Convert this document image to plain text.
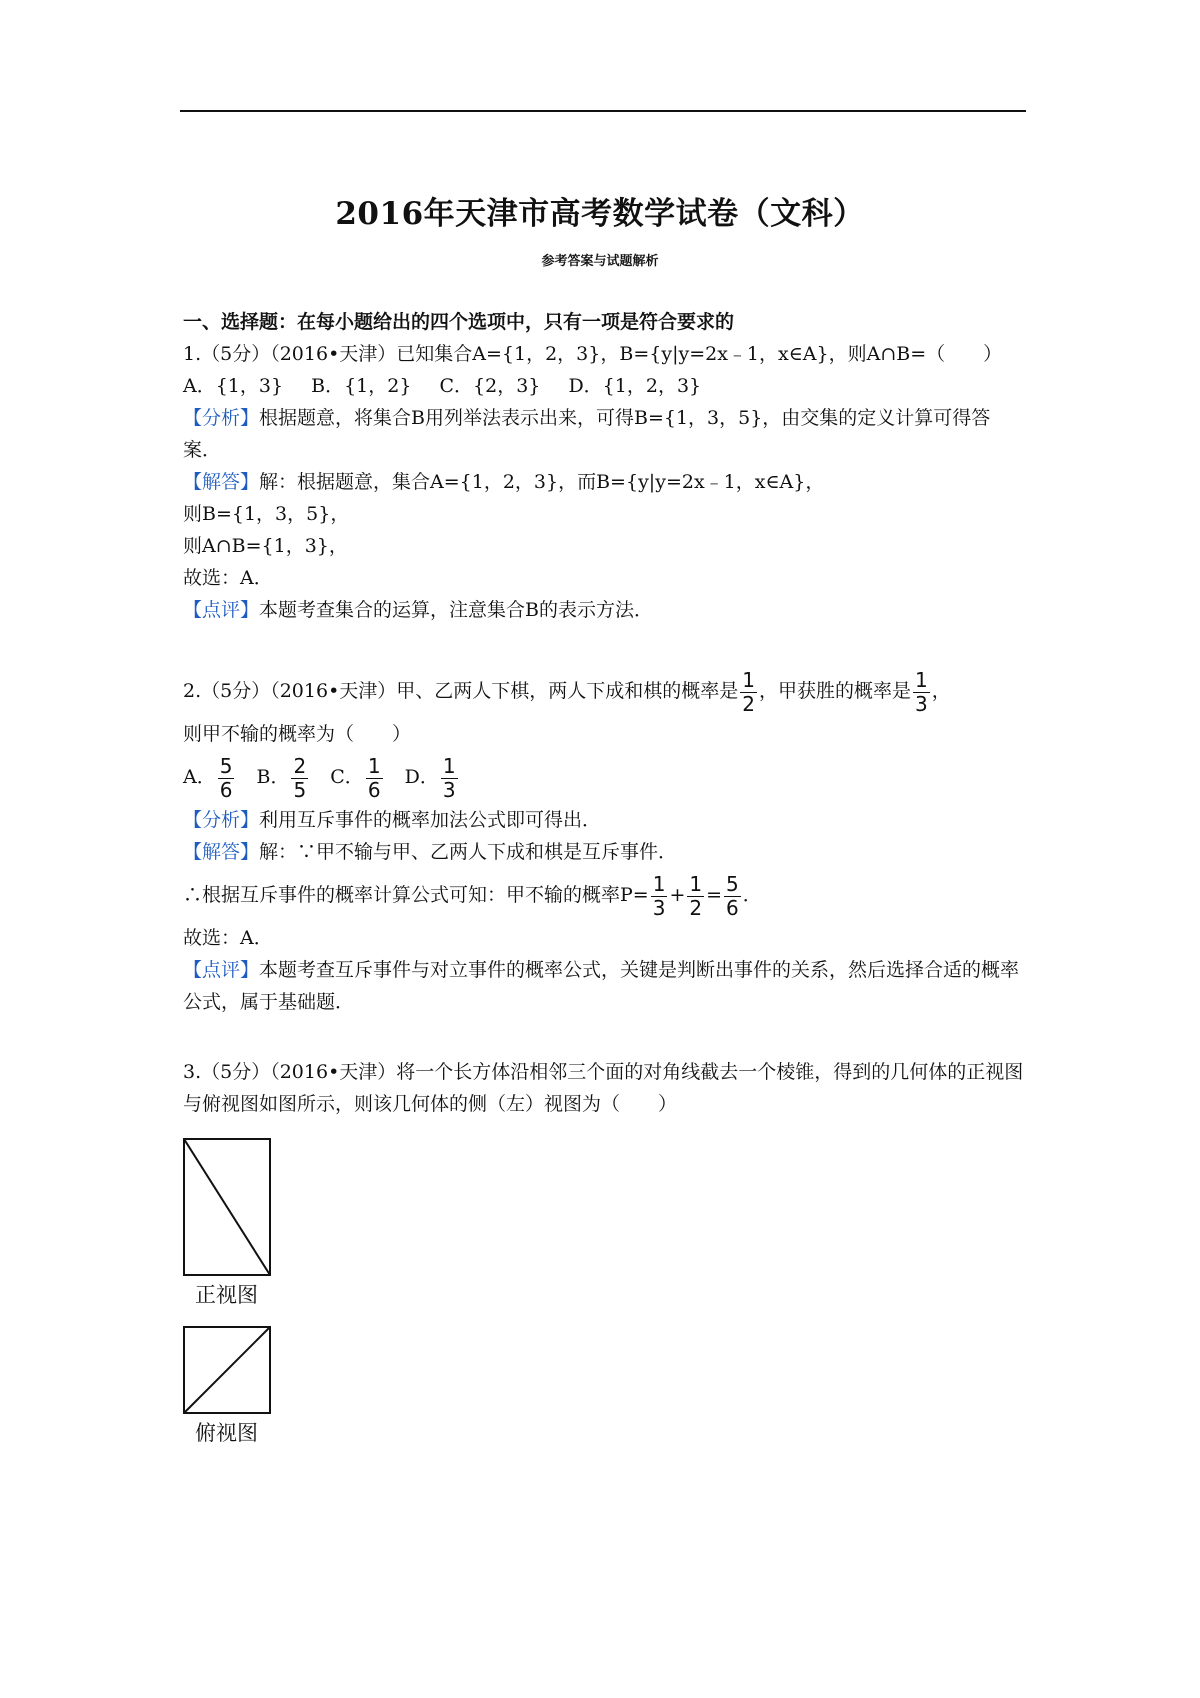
2016年天津市高考数学试卷（文科）
参考答案与试题解析
一、选择题：在每小题给出的四个选项中，只有一项是符合要求的
1.（5分）（2016•天津）已知集合A={1，2，3}，B={y|y=2x﹣1，x∈A}，则A∩B=（　　）
A．{1，3} B．{1，2} C．{2，3} D．{1，2，3}
【分析】根据题意，将集合B用列举法表示出来，可得B={1，3，5}，由交集的定义计算可得答案．
【解答】解：根据题意，集合A={1，2，3}，而B={y|y=2x﹣1，x∈A}，
则B={1，3，5}，
则A∩B={1，3}，
故选：A．
【点评】本题考查集合的运算，注意集合B的表示方法．
2.（5分）（2016•天津）甲、乙两人下棋，两人下成和棋的概率是 $\frac{1}{2}$ ，甲获胜的概率是 $\frac{1}{3}$ ，
则甲不输的概率为（　　）
A． $\frac{5}{6}$ B． $\frac{2}{5}$ C． $\frac{1}{6}$ D． $\frac{1}{3}$
【分析】利用互斥事件的概率加法公式即可得出．
【解答】解：∵甲不输与甲、乙两人下成和棋是互斥事件．
∴根据互斥事件的概率计算公式可知：甲不输的概率$P= \frac{1}{3} + \frac{1}{2} = \frac{5}{6}$ ．
故选：A．
【点评】本题考查互斥事件与对立事件的概率公式，关键是判断出事件的关系，然后选择合适的概率公式，属于基础题．
3.（5分）（2016•天津）将一个长方体沿相邻三个面的对角线截去一个棱锥，得到的几何体的正视图与俯视图如图所示，则该几何体的侧（左）视图为（　　）
正视图
俯视图
